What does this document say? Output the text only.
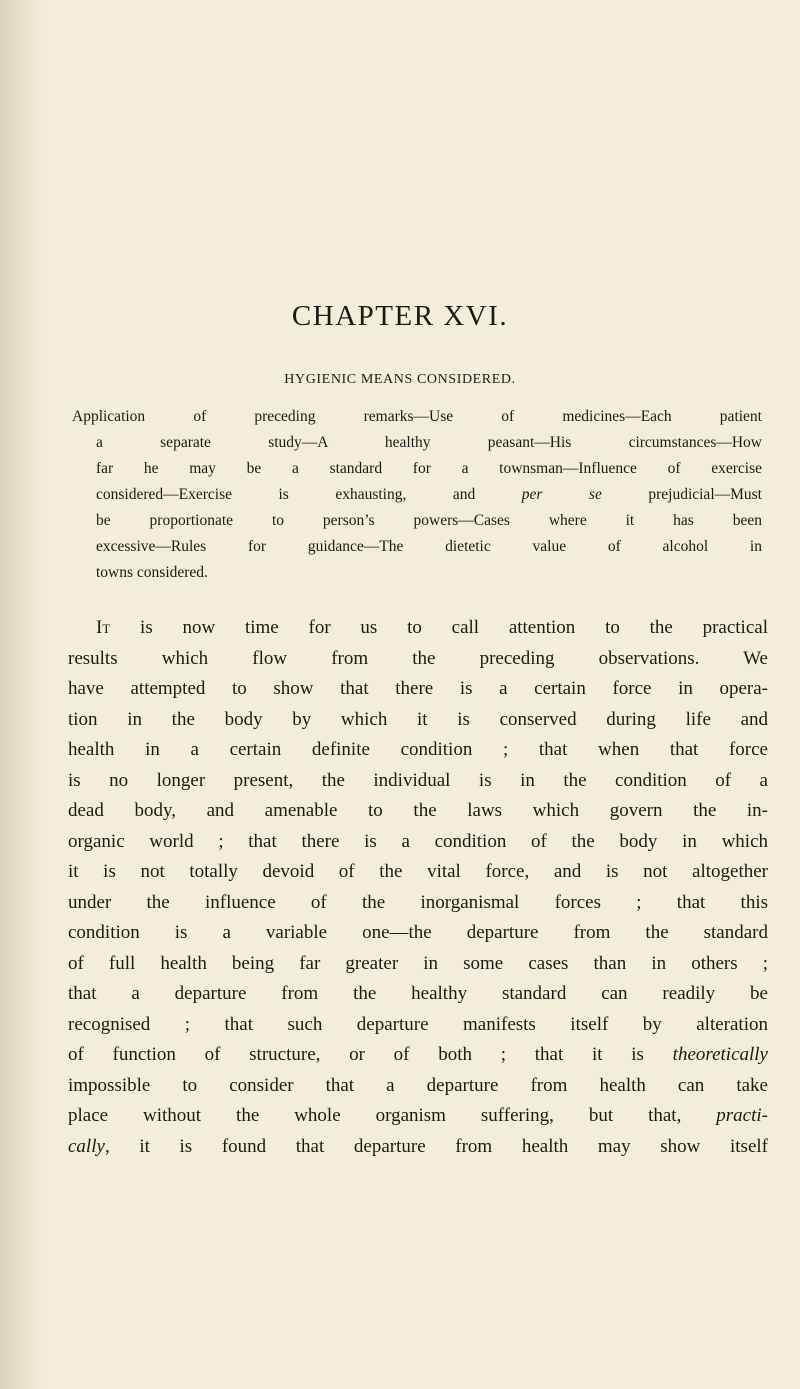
CHAPTER XVI.
HYGIENIC MEANS CONSIDERED.
Application of preceding remarks—Use of medicines—Each patient
a separate study—A healthy peasant—His circumstances—How
far he may be a standard for a townsman—Influence of exercise
considered—Exercise is exhausting, and per se prejudicial—Must
be proportionate to person’s powers—Cases where it has been
excessive—Rules for guidance—The dietetic value of alcohol in
towns considered.
It is now time for us to call attention to the practical
results which flow from the preceding observations. We
have attempted to show that there is a certain force in opera-
tion in the body by which it is conserved during life and
health in a certain definite condition ; that when that force
is no longer present, the individual is in the condition of a
dead body, and amenable to the laws which govern the in-
organic world ; that there is a condition of the body in which
it is not totally devoid of the vital force, and is not altogether
under the influence of the inorganismal forces ; that this
condition is a variable one—the departure from the standard
of full health being far greater in some cases than in others ;
that a departure from the healthy standard can readily be
recognised ; that such departure manifests itself by alteration
of function of structure, or of both ; that it is theoretically
impossible to consider that a departure from health can take
place without the whole organism suffering, but that, practi-
cally, it is found that departure from health may show itself
